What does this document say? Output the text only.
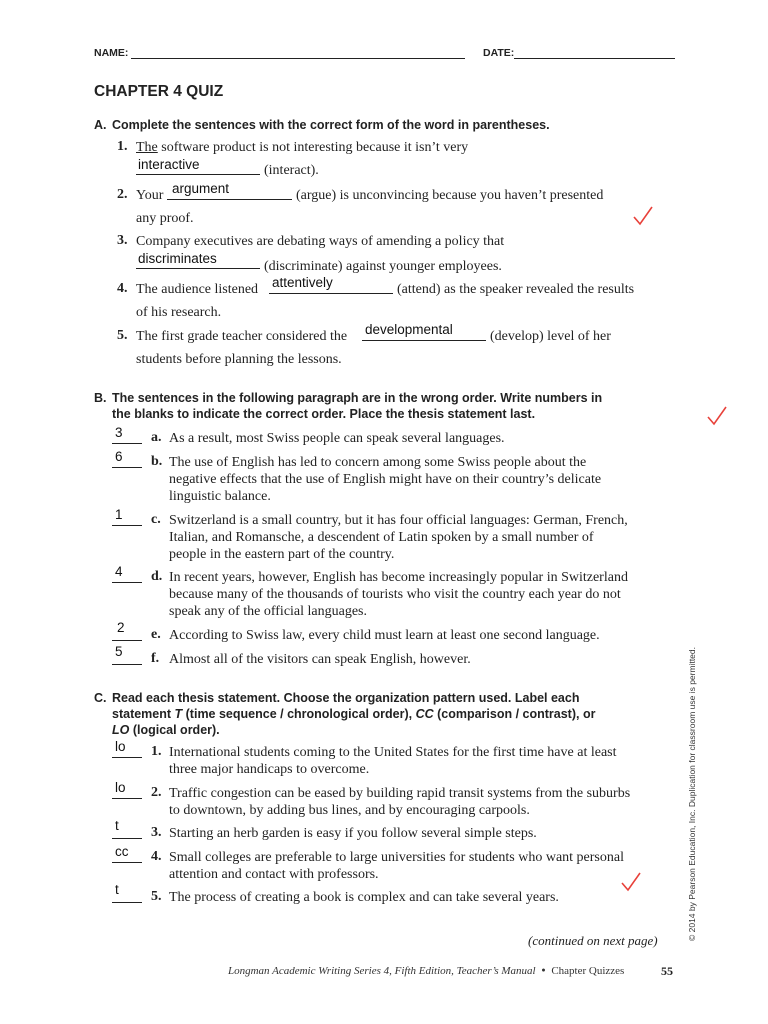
NAME:	DATE:
CHAPTER 4 QUIZ
A. Complete the sentences with the correct form of the word in parentheses.
1. The software product is not interesting because it isn’t very
interactive	(interact).
2. Your argument	(argue) is unconvincing because you haven’t presented
any proof.
3. Company executives are debating ways of amending a policy that
discriminates
(discriminate) against younger employees.
4. The audience listened attentively	(attend) as the speaker revealed the results
of his research.
5. The first grade teacher considered the developmental	(develop) level of her
students before planning the lessons.
B. The sentences in the following paragraph are in the wrong order. Write numbers in
the blanks to indicate the correct order. Place the thesis statement last.
3 a. As a result, most Swiss people can speak several languages.
6 b. The use of English has led to concern among some Swiss people about the
negative effects that the use of English might have on their country’s delicate
linguistic balance.
1 c. Switzerland is a small country, but it has four official languages: German, French,
Italian, and Romansche, a descendent of Latin spoken by a small number of
people in the eastern part of the country.
4 d. In recent years, however, English has become increasingly popular in Switzerland
because many of the thousands of tourists who visit the country each year do not
speak any of the official languages.
2 e. According to Swiss law, every child must learn at least one second language.
5 f. Almost all of the visitors can speak English, however.
C. Read each thesis statement. Choose the organization pattern used. Label each
statement T (time sequence / chronological order), CC (comparison / contrast), or
LO (logical order).
lo 1. International students coming to the United States for the first time have at least
three major handicaps to overcome.
lo 2. Traffic congestion can be eased by building rapid transit systems from the suburbs
to downtown, by adding bus lines, and by encouraging carpools.
t 3. Starting an herb garden is easy if you follow several simple steps.
cc 4. Small colleges are preferable to large universities for students who want personal
attention and contact with professors.
t 5. The process of creating a book is complex and can take several years.
(continued on next page)
Longman Academic Writing Series 4, Fifth Edition, Teacher’s Manual ● Chapter Quizzes	55
© 2014 by Pearson Education, Inc. Duplication for classroom use is permitted.
